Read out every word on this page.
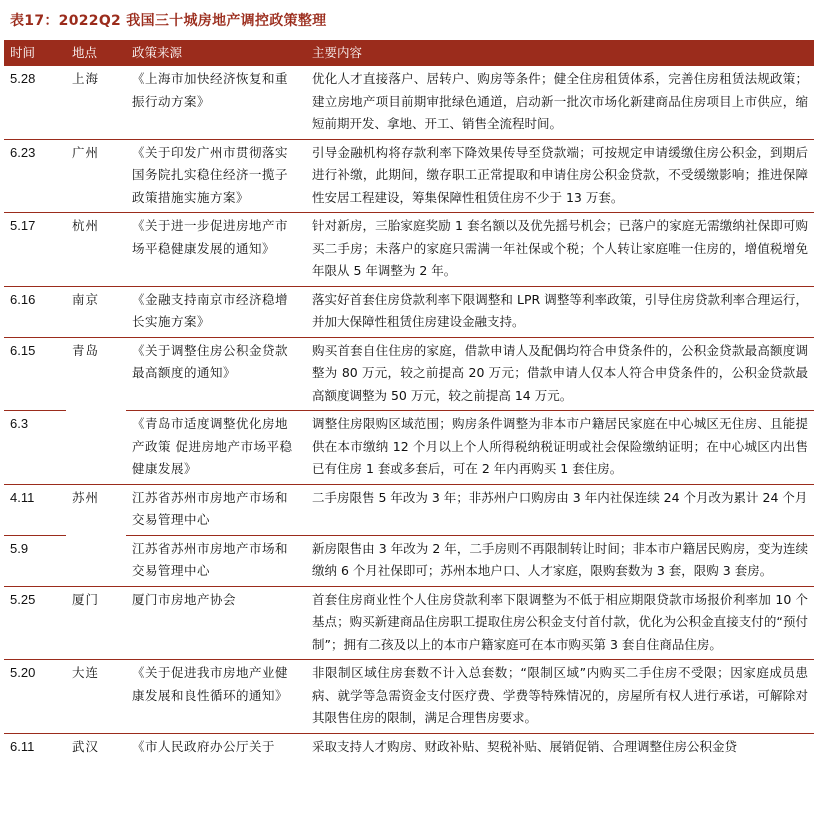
表17：2022Q2 我国三十城房地产调控政策整理
时间	地点	政策来源	主要内容
5.28	上海	《上海市加快经济恢复和重振行动方案》	优化人才直接落户、居转户、购房等条件；健全住房租赁体系，完善住房租赁法规政策；建立房地产项目前期审批绿色通道，启动新一批次市场化新建商品住房项目上市供应，缩短前期开发、拿地、开工、销售全流程时间。
6.23	广州	《关于印发广州市贯彻落实国务院扎实稳住经济一揽子政策措施实施方案》	引导金融机构将存款利率下降效果传导至贷款端；可按规定申请缓缴住房公积金，到期后进行补缴，此期间，缴存职工正常提取和申请住房公积金贷款，不受缓缴影响；推进保障性安居工程建设，筹集保障性租赁住房不少于 13 万套。
5.17	杭州	《关于进一步促进房地产市场平稳健康发展的通知》	针对新房，三胎家庭奖励 1 套名额以及优先摇号机会；已落户的家庭无需缴纳社保即可购买二手房；未落户的家庭只需满一年社保或个税；个人转让家庭唯一住房的，增值税增免年限从 5 年调整为 2 年。
6.16	南京	《金融支持南京市经济稳增长实施方案》	落实好首套住房贷款利率下限调整和 LPR 调整等利率政策，引导住房贷款利率合理运行，并加大保障性租赁住房建设金融支持。
6.15	青岛	《关于调整住房公积金贷款最高额度的通知》	购买首套自住住房的家庭，借款申请人及配偶均符合申贷条件的，公积金贷款最高额度调整为 80 万元，较之前提高 20 万元；借款申请人仅本人符合申贷条件的，公积金贷款最高额度调整为 50 万元，较之前提高 14 万元。
6.3		《青岛市适度调整优化房地产政策 促进房地产市场平稳健康发展》	调整住房限购区域范围；购房条件调整为非本市户籍居民家庭在中心城区无住房、且能提供在本市缴纳 12 个月以上个人所得税纳税证明或社会保险缴纳证明；在中心城区内出售已有住房 1 套或多套后，可在 2 年内再购买 1 套住房。
4.11	苏州	江苏省苏州市房地产市场和交易管理中心	二手房限售 5 年改为 3 年；非苏州户口购房由 3 年内社保连续 24 个月改为累计 24 个月
5.9		江苏省苏州市房地产市场和交易管理中心	新房限售由 3 年改为 2 年，二手房则不再限制转让时间；非本市户籍居民购房，变为连续缴纳 6 个月社保即可；苏州本地户口、人才家庭，限购套数为 3 套，限购 3 套房。
5.25	厦门	厦门市房地产协会	首套住房商业性个人住房贷款利率下限调整为不低于相应期限贷款市场报价利率加 10 个基点；购买新建商品住房职工提取住房公积金支付首付款，优化为公积金直接支付的“预付制”；拥有二孩及以上的本市户籍家庭可在本市购买第 3 套自住商品住房。
5.20	大连	《关于促进我市房地产业健康发展和良性循环的通知》	非限制区域住房套数不计入总套数；“限制区域”内购买二手住房不受限；因家庭成员患病、就学等急需资金支付医疗费、学费等特殊情况的，房屋所有权人进行承诺，可解除对其限售住房的限制，满足合理售房要求。
6.11	武汉	《市人民政府办公厅关于	采取支持人才购房、财政补贴、契税补贴、展销促销、合理调整住房公积金贷
